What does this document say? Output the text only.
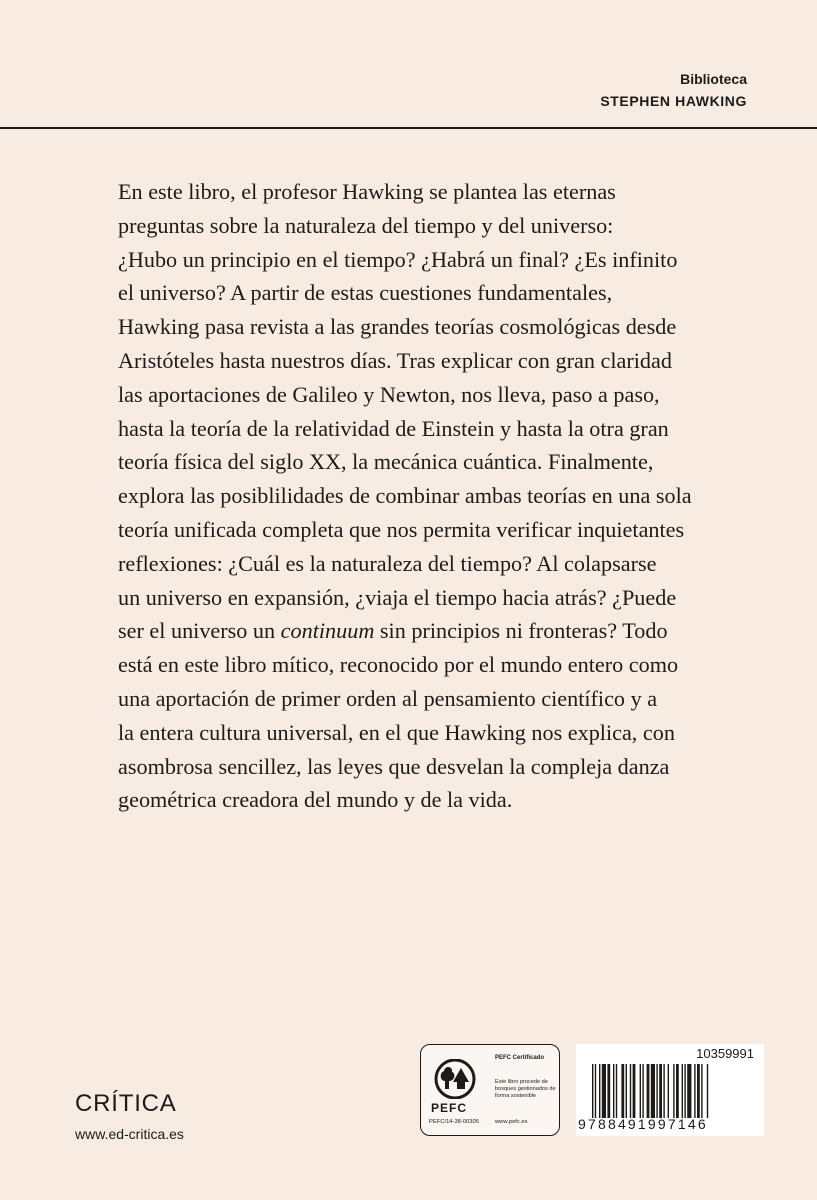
Biblioteca
STEPHEN HAWKING
En este libro, el profesor Hawking se plantea las eternas
preguntas sobre la naturaleza del tiempo y del universo:
¿Hubo un principio en el tiempo? ¿Habrá un final? ¿Es infinito
el universo? A partir de estas cuestiones fundamentales,
Hawking pasa revista a las grandes teorías cosmológicas desde
Aristóteles hasta nuestros días. Tras explicar con gran claridad
las aportaciones de Galileo y Newton, nos lleva, paso a paso,
hasta la teoría de la relatividad de Einstein y hasta la otra gran
teoría física del siglo XX, la mecánica cuántica. Finalmente,
explora las posiblilidades de combinar ambas teorías en una sola
teoría unificada completa que nos permita verificar inquietantes
reflexiones: ¿Cuál es la naturaleza del tiempo? Al colapsarse
un universo en expansión, ¿viaja el tiempo hacia atrás? ¿Puede
ser el universo un continuum sin principios ni fronteras? Todo
está en este libro mítico, reconocido por el mundo entero como
una aportación de primer orden al pensamiento científico y a
la entera cultura universal, en el que Hawking nos explica, con
asombrosa sencillez, las leyes que desvelan la compleja danza
geométrica creadora del mundo y de la vida.
CRÍTICA
www.ed-critica.es
PEFC
PEFC/14-38-00305
PEFC Certificado
Este libro procede de bosques gestionados de forma sostenible
www.pefc.es
10359991
9788491997146
